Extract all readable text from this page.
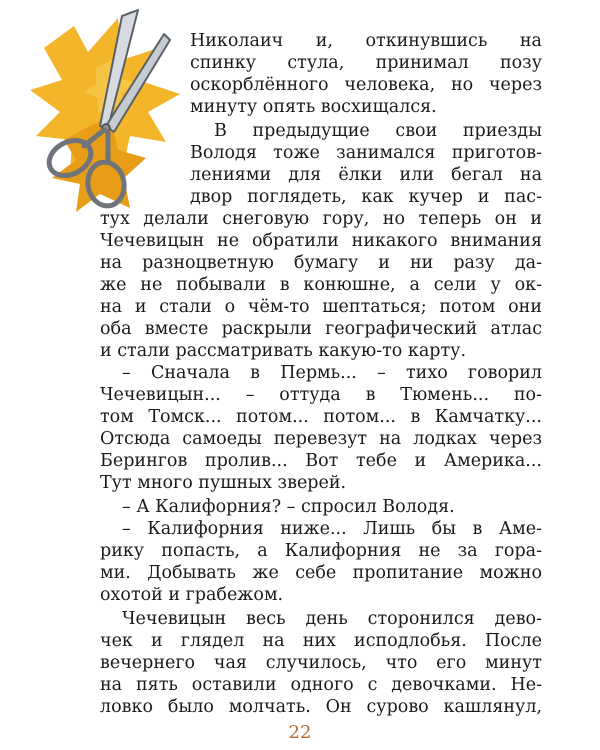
Николаич и, откинувшись на
спинку стула, принимал позу
оскорблённого человека, но через
минуту опять восхищался.
В предыдущие свои приезды
Володя тоже занимался приготов-
лениями для ёлки или бегал на
двор поглядеть, как кучер и пас-
тух делали снеговую гору, но теперь он и
Чечевицын не обратили никакого внимания
на разноцветную бумагу и ни разу да-
же не побывали в конюшне, а сели у ок-
на и стали о чём-то шептаться; потом они
оба вместе раскрыли географический атлас
и стали рассматривать какую-то карту.
– Сначала в Пермь... – тихо говорил
Чечевицын... – оттуда в Тюмень... по-
том Томск... потом... потом... в Камчатку...
Отсюда самоеды перевезут на лодках через
Берингов пролив... Вот тебе и Америка...
Тут много пушных зверей.
– А Калифорния? – спросил Володя.
– Калифорния ниже... Лишь бы в Аме-
рику попасть, а Калифорния не за гора-
ми. Добывать же себе пропитание можно
охотой и грабежом.
Чечевицын весь день сторонился дево-
чек и глядел на них исподлобья. После
вечернего чая случилось, что его минут
на пять оставили одного с девочками. Не-
ловко было молчать. Он сурово кашлянул,
22
